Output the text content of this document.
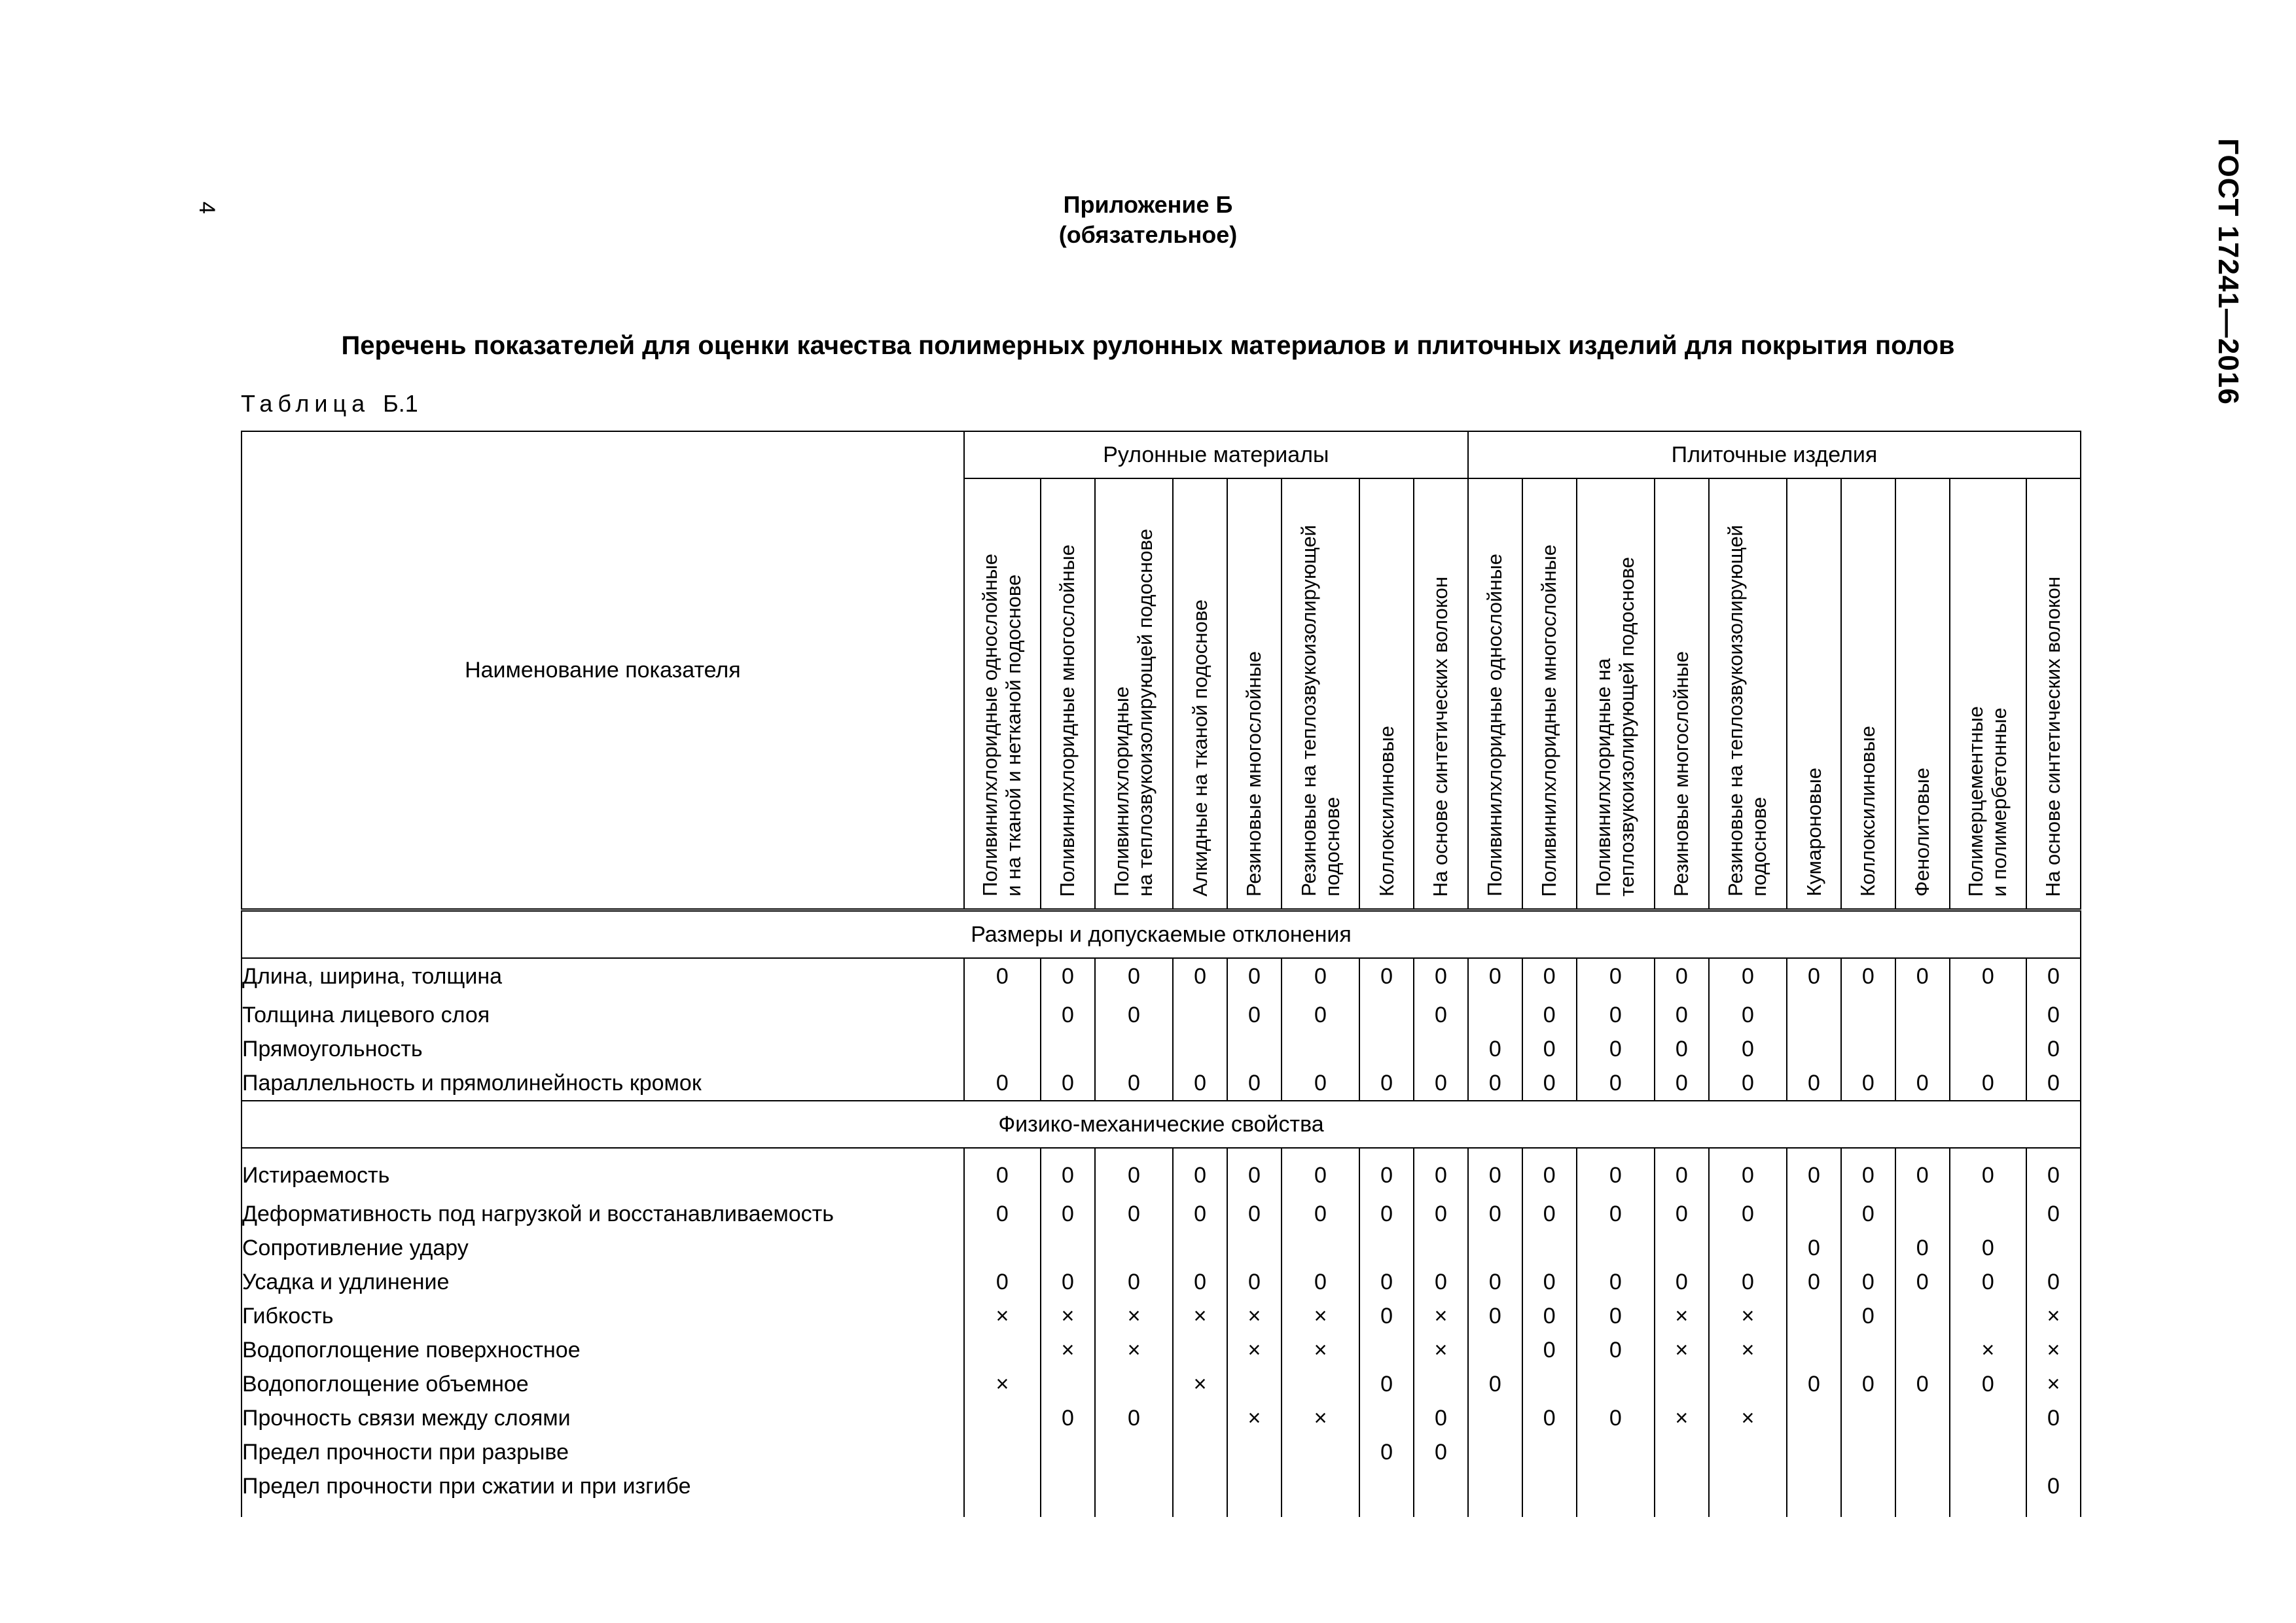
4	ГОСТ 17241—2016
Приложение Б
(обязательное)
Перечень показателей для оценки качества полимерных рулонных материалов и плиточных изделий для покрытия полов
Таблица Б.1
Наименование показателя	Рулонные материалы								Плиточные изделия									

	Поливинилхлоридные однослойные
и на тканой и нетканой подоснове	Поливинилхлоридные многослойные	Поливинилхлоридные
на теплозвукоизолирующей подоснове	Алкидные на тканой подоснове	Резиновые многослойные	Резиновые на теплозвукоизолирующей
подоснове	Коллоксилиновые	На основе синтетических волокон	Поливинилхлоридные однослойные	Поливинилхлоридные многослойные	Поливинилхлоридные на
теплозвукоизолирующей подоснове	Резиновые многослойные	Резиновые на теплозвукоизолирующей
подоснове	Кумароновые	Коллоксилиновые	Фенолитовые	Полимерцементные
и полимербетонные	На основе синтетических волокон

Размеры и допускаемые отклонения																		
Длина, ширина, толщина	0	0	0	0	0	0	0	0	0	0	0	0	0	0	0	0	0	0
Толщина лицевого слоя		0	0		0	0		0		0	0	0	0					0
Прямоугольность									0	0	0	0	0					0
Параллельность и прямолинейность кромок	0	0	0	0	0	0	0	0	0	0	0	0	0	0	0	0	0	0
Физико-механические свойства																		

Истираемость	0	0	0	0	0	0	0	0	0	0	0	0	0	0	0	0	0	0
Деформативность под нагрузкой и восстанавливаемость	0	0	0	0	0	0	0	0	0	0	0	0	0		0			0
Сопротивление удару														0		0	0	
Усадка и удлинение	0	0	0	0	0	0	0	0	0	0	0	0	0	0	0	0	0	0
Гибкость	×	×	×	×	×	×	0	×	0	0	0	×	×		0			×
Водопоглощение поверхностное		×	×		×	×		×		0	0	×	×				×	×
Водопоглощение объемное	×			×			0		0					0	0	0	0	×
Прочность связи между слоями		0	0		×	×		0		0	0	×	×					0
Предел прочности при разрыве							0	0										
Предел прочности при сжатии и при изгибе																		0
